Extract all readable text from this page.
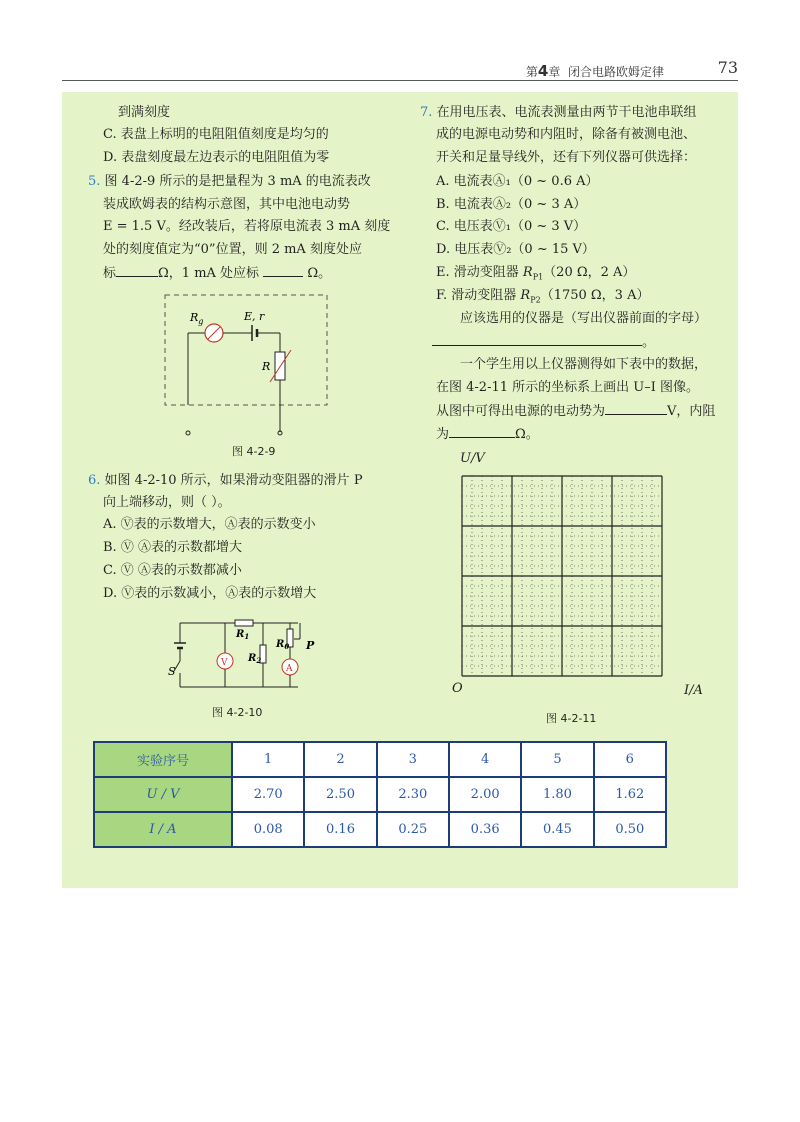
第4章 闭合电路欧姆定律	73
到满刻度
C. 表盘上标明的电阻阻值刻度是均匀的
D. 表盘刻度最左边表示的电阻阻值为零
5. 图 4-2-9 所示的是把量程为 3 mA 的电流表改
装成欧姆表的结构示意图，其中电池电动势
E = 1.5 V。经改装后，若将原电流表 3 mA 刻度
处的刻度值定为“0”位置，则 2 mA 刻度处应
标	Ω，1 mA 处应标	Ω。
$R_g$	E, r
R
图 4-2-9
6. 如图 4-2-10 所示，如果滑动变阻器的滑片 P
向上端移动，则（ ）。
A. Ⓥ表的示数增大，Ⓐ表的示数变小
B. Ⓥ Ⓐ表的示数都增大
C. Ⓥ Ⓐ表的示数都减小
D. Ⓥ表的示数减小，Ⓐ表的示数增大
S
V
$R_1$
$R_2$
$R_0$ P
A
图 4-2-10
7. 在用电压表、电流表测量由两节干电池串联组
成的电源电动势和内阻时，除备有被测电池、
开关和足量导线外，还有下列仪器可供选择：
A. 电流表Ⓐ₁（0 ~ 0.6 A）
B. 电流表Ⓐ₂（0 ~ 3 A）
C. 电压表Ⓥ₁（0 ~ 3 V）
D. 电压表Ⓥ₂（0 ~ 15 V）
E. 滑动变阻器 $R_{P1}(20$ Ω，2 A）
F. 滑动变阻器 $R_{P2}(1750$ Ω，3 A）
应该选用的仪器是（写出仪器前面的字母）
。
一个学生用以上仪器测得如下表中的数据，
在图 4-2-11 所示的坐标系上画出 U–I 图像。
从图中可得出电源的电动势为	V，内阻
为	Ω。
U/V
O	I/A
图 4-2-11
实验序号	1	2	3	4	5	6
U / V	2.70	2.50	2.30	2.00	1.80	1.62
I / A	0.08	0.16	0.25	0.36	0.45	0.50
